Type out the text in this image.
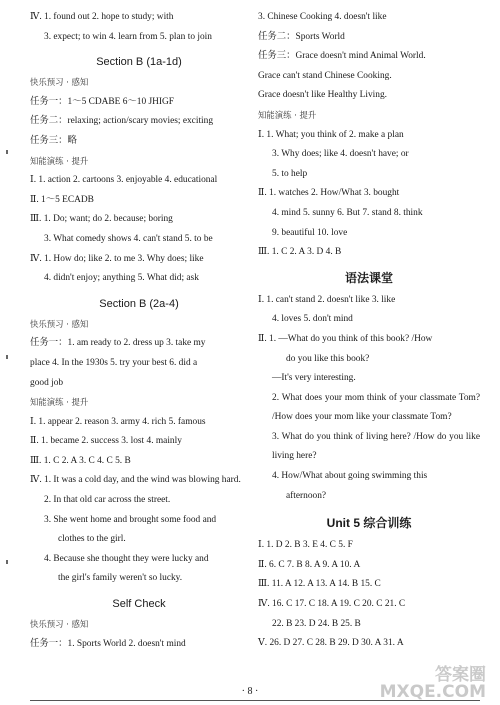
Ⅳ. 1. found out 2. hope to study; with
3. expect; to win 4. learn from 5. plan to join
Section B (1a-1d)
快乐预习 · 感知
任务一：1～5 CDABE 6～10 JHIGF
任务二：relaxing; action/scary movies; exciting
任务三：略
知能演练 · 提升
Ⅰ. 1. action 2. cartoons 3. enjoyable 4. educational
Ⅱ. 1～5 ECADB
Ⅲ. 1. Do; want; do 2. because; boring
3. What comedy shows 4. can't stand 5. to be
Ⅳ. 1. How do; like 2. to me 3. Why does; like
4. didn't enjoy; anything 5. What did; ask
Section B (2a-4)
快乐预习 · 感知
任务一：1. am ready to 2. dress up 3. take my
place 4. In the 1930s 5. try your best 6. did a
good job
知能演练 · 提升
Ⅰ. 1. appear 2. reason 3. army 4. rich 5. famous
Ⅱ. 1. became 2. success 3. lost 4. mainly
Ⅲ. 1. C 2. A 3. C 4. C 5. B
Ⅳ. 1. It was a cold day, and the wind was blowing hard.
2. In that old car across the street.
3. She went home and brought some food and
clothes to the girl.
4. Because she thought they were lucky and
the girl's family weren't so lucky.
Self Check
快乐预习 · 感知
任务一：1. Sports World 2. doesn't mind
3. Chinese Cooking 4. doesn't like
任务二：Sports World
任务三：Grace doesn't mind Animal World.
Grace can't stand Chinese Cooking.
Grace doesn't like Healthy Living.
知能演练 · 提升
Ⅰ. 1. What; you think of 2. make a plan
3. Why does; like 4. doesn't have; or
5. to help
Ⅱ. 1. watches 2. How/What 3. bought
4. mind 5. sunny 6. But 7. stand 8. think
9. beautiful 10. love
Ⅲ. 1. C 2. A 3. D 4. B
语法课堂
Ⅰ. 1. can't stand 2. doesn't like 3. like
4. loves 5. don't mind
Ⅱ. 1. —What do you think of this book? /How
do you like this book?
—It's very interesting.
2. What does your mom think of your classmate Tom? /How does your mom like your classmate Tom?
3. What do you think of living here? /How do you like living here?
4. How/What about going swimming this
afternoon?
Unit 5 综合训练
Ⅰ. 1. D 2. B 3. E 4. C 5. F
Ⅱ. 6. C 7. B 8. A 9. A 10. A
Ⅲ. 11. A 12. A 13. A 14. B 15. C
Ⅳ. 16. C 17. C 18. A 19. C 20. C 21. C
22. B 23. D 24. B 25. B
Ⅴ. 26. D 27. C 28. B 29. D 30. A 31. A
· 8 ·
答案圈
MXQE.COM
